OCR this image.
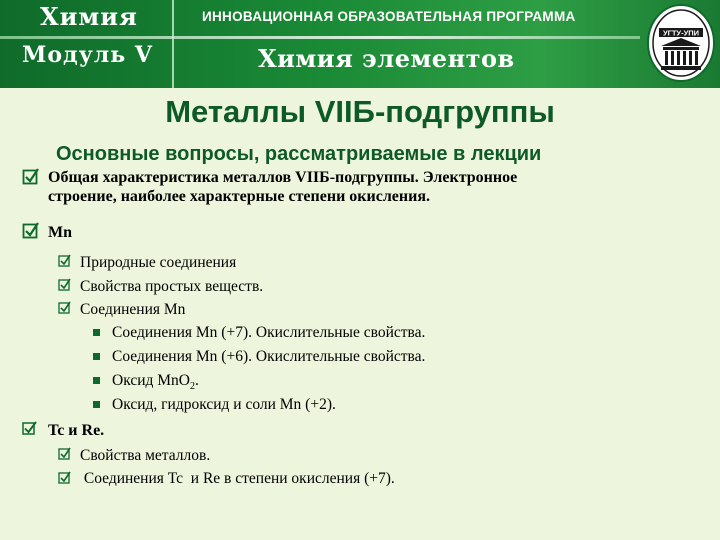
Химия
Модуль V
ИННОВАЦИОННАЯ ОБРАЗОВАТЕЛЬНАЯ ПРОГРАММА
Химия элементов
УГТУ-УПИ
Металлы VIIБ-подгруппы
Основные вопросы, рассматриваемые в лекции
Общая характеристика металлов VIIБ-подгруппы. Электронное
строение, наиболее характерные степени окисления.
Mn
Природные соединения
Свойства простых веществ.
Соединения Mn
Соединения Mn (+7). Окислительные свойства.
Соединения Mn (+6). Окислительные свойства.
Оксид MnO$_2$.
Оксид, гидроксид и соли Mn (+2).
Tc и Re.
Свойства металлов.
Соединения Tc  и Re в степени окисления (+7).
